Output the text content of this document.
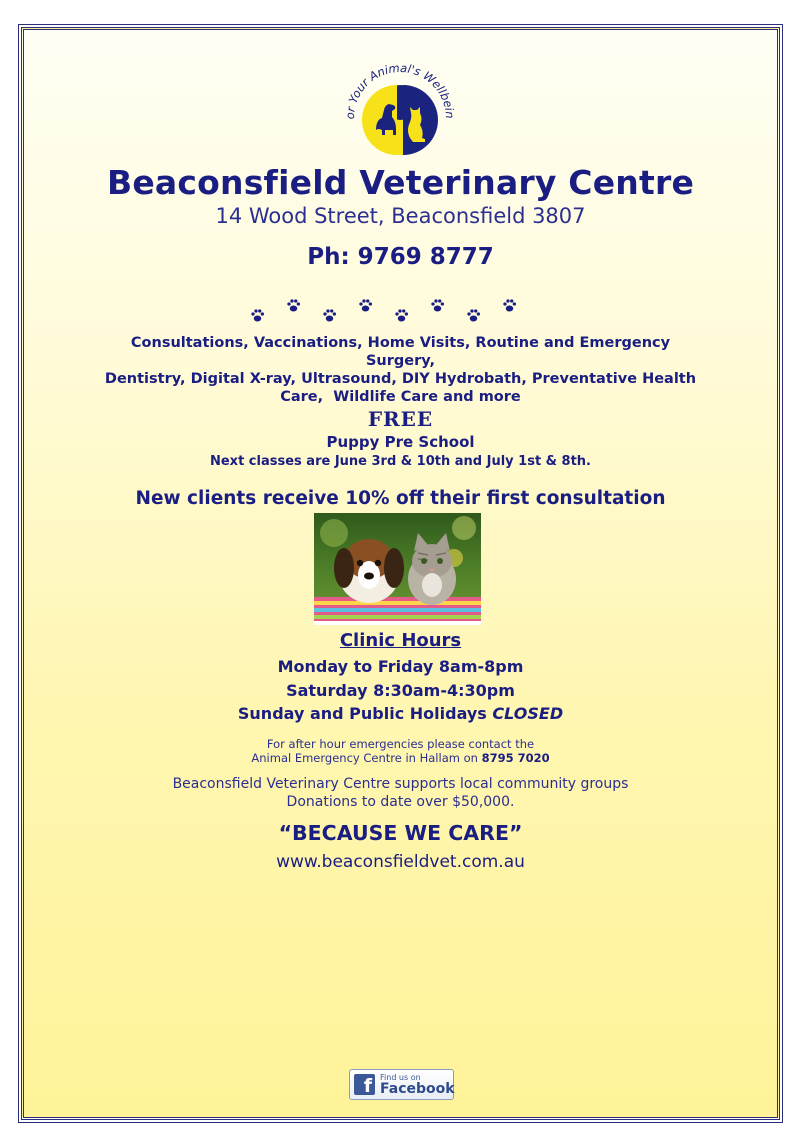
or Your Animal's Wellbein
Beaconsfield Veterinary Centre
14 Wood Street, Beaconsfield 3807
Ph: 9769 8777
Consultations, Vaccinations, Home Visits, Routine and Emergency Surgery,
Dentistry, Digital X-ray, Ultrasound, DIY Hydrobath, Preventative Health
Care,  Wildlife Care and more
FREE
Puppy Pre School
Next classes are June 3rd & 10th and July 1st & 8th.
New clients receive 10% off their first consultation
Clinic Hours
Monday to Friday 8am-8pm
Saturday 8:30am-4:30pm
Sunday and Public Holidays CLOSED
For after hour emergencies please contact the
Animal Emergency Centre in Hallam on 8795 7020
Beaconsfield Veterinary Centre supports local community groups
Donations to date over $50,000.
“BECAUSE WE CARE”
www.beaconsfieldvet.com.au
f	Find us on
Facebook
